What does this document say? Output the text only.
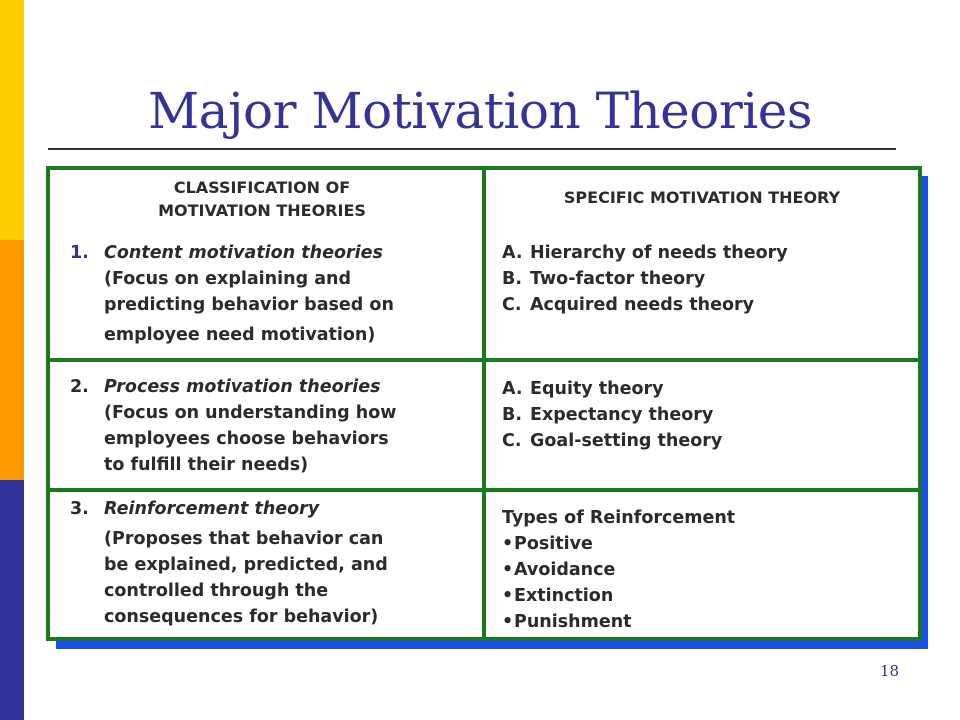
Major Motivation Theories
CLASSIFICATION OF
MOTIVATION THEORIES
1. Content motivation theories
(Focus on explaining and
predicting behavior based on
employee need motivation)
2. Process motivation theories
(Focus on understanding how
employees choose behaviors
to fulfill their needs)
3. Reinforcement theory
(Proposes that behavior can
be explained, predicted, and
controlled through the
consequences for behavior)
SPECIFIC MOTIVATION THEORY
A. Hierarchy of needs theory
B. Two-factor theory
C. Acquired needs theory
A. Equity theory
B. Expectancy theory
C. Goal-setting theory
Types of Reinforcement
•Positive
•Avoidance
•Extinction
•Punishment
18
